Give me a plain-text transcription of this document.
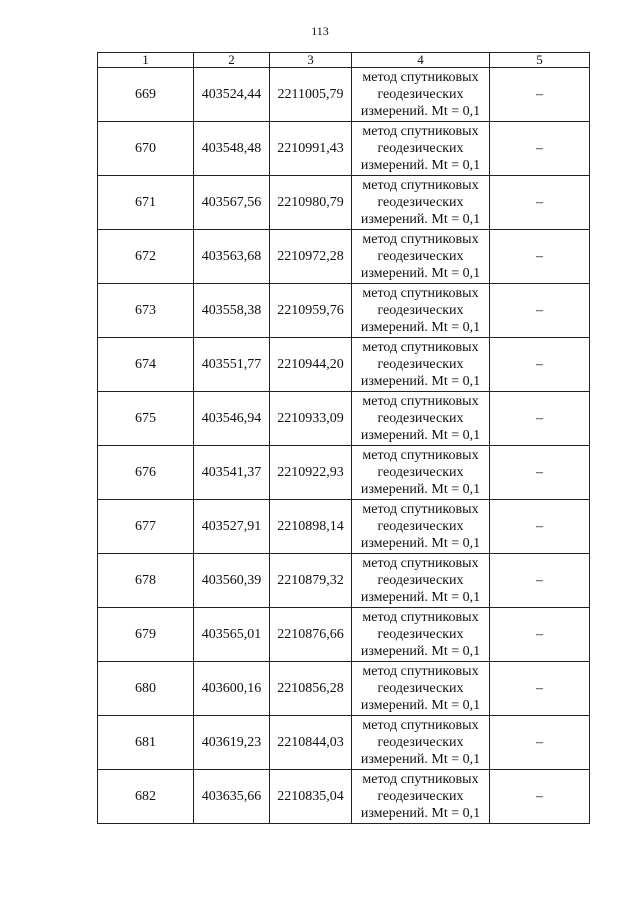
113
1	2	3	4	5
669	403524,44	2211005,79	метод спутниковых
геодезических
измерений. Mt = 0,1	–
670	403548,48	2210991,43	метод спутниковых
геодезических
измерений. Mt = 0,1	–
671	403567,56	2210980,79	метод спутниковых
геодезических
измерений. Mt = 0,1	–
672	403563,68	2210972,28	метод спутниковых
геодезических
измерений. Mt = 0,1	–
673	403558,38	2210959,76	метод спутниковых
геодезических
измерений. Mt = 0,1	–
674	403551,77	2210944,20	метод спутниковых
геодезических
измерений. Mt = 0,1	–
675	403546,94	2210933,09	метод спутниковых
геодезических
измерений. Mt = 0,1	–
676	403541,37	2210922,93	метод спутниковых
геодезических
измерений. Mt = 0,1	–
677	403527,91	2210898,14	метод спутниковых
геодезических
измерений. Mt = 0,1	–
678	403560,39	2210879,32	метод спутниковых
геодезических
измерений. Mt = 0,1	–
679	403565,01	2210876,66	метод спутниковых
геодезических
измерений. Mt = 0,1	–
680	403600,16	2210856,28	метод спутниковых
геодезических
измерений. Mt = 0,1	–
681	403619,23	2210844,03	метод спутниковых
геодезических
измерений. Mt = 0,1	–
682	403635,66	2210835,04	метод спутниковых
геодезических
измерений. Mt = 0,1	–
